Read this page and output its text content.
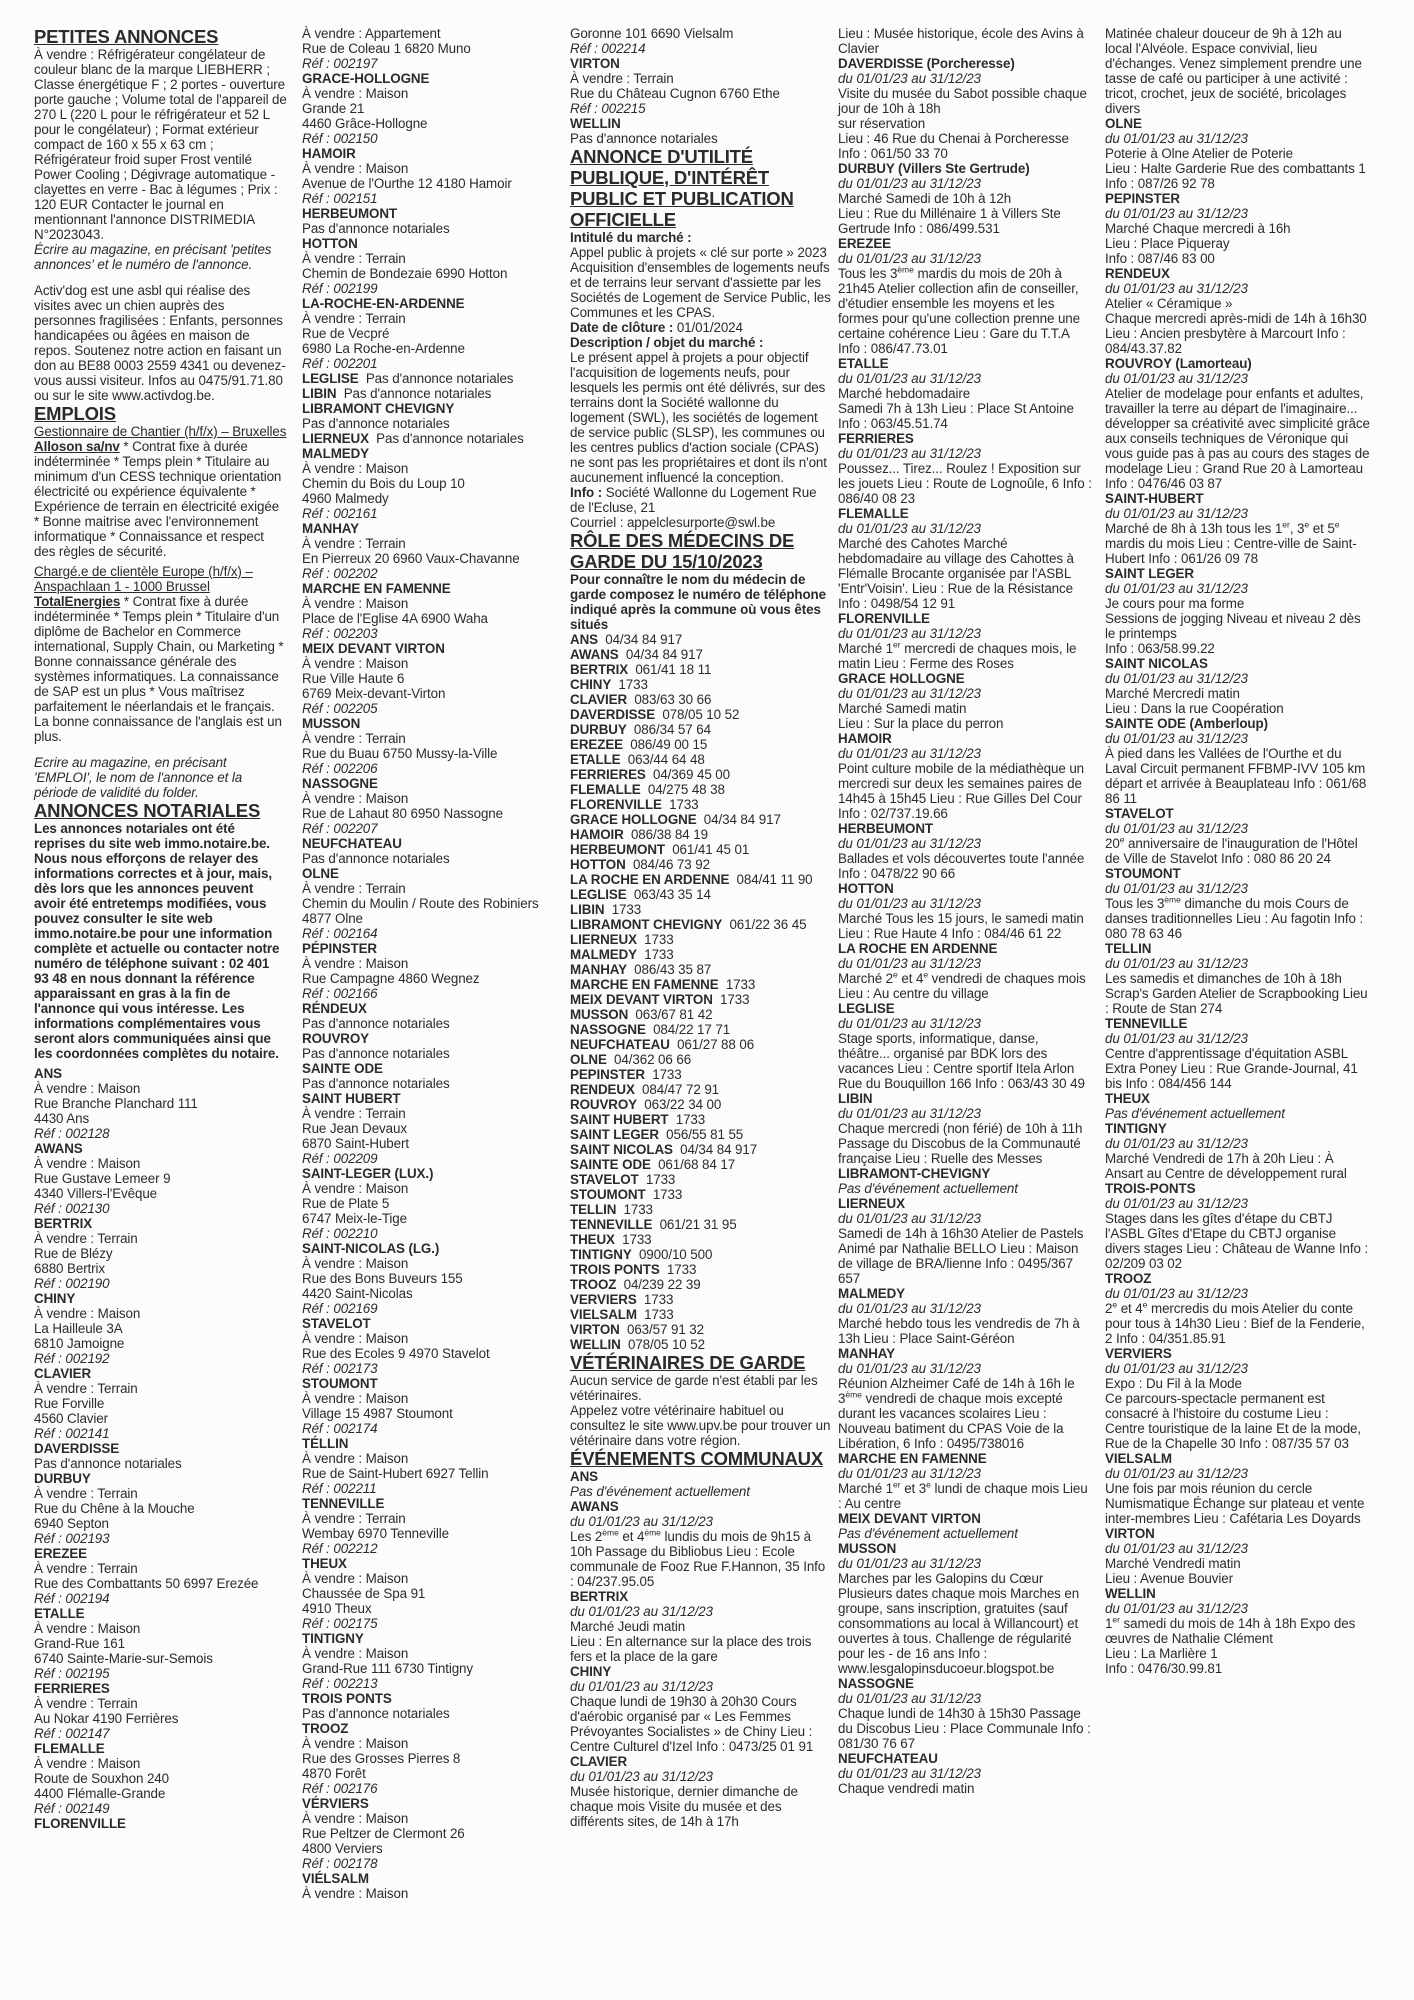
PETITES ANNONCES

À vendre : Réfrigérateur congélateur de couleur blanc de la marque LIEBHERR ; Classe énergétique F ; 2 portes - ouverture porte gauche ; Volume total de l'appareil de 270 L (220 L pour le réfrigérateur et 52 L pour le congélateur) ; Format extérieur compact de 160 x 55 x 63 cm ; Réfrigérateur froid super Frost ventilé Power Cooling ; Dégivrage automatique - clayettes en verre - Bac à légumes ; Prix : 120 EUR Contacter le journal en mentionnant l'annonce DISTRIMEDIA N°2023043.

Écrire au magazine, en précisant 'petites annonces' et le numéro de l'annonce.

Activ'dog est une asbl qui réalise des visites avec un chien auprès des personnes fragilisées : Enfants, personnes handicapées ou âgées en maison de repos. Soutenez notre action en faisant un don au BE88 0003 2559 4341 ou devenez-vous aussi visiteur. Infos au 0475/91.71.80 ou sur le site www.activdog.be.

EMPLOIS

Gestionnaire de Chantier (h/f/x) – Bruxelles

Alloson sa/nv * Contrat fixe à durée indéterminée * Temps plein * Titulaire au minimum d'un CESS technique orientation électricité ou expérience équivalente * Expérience de terrain en électricité exigée * Bonne maitrise avec l'environnement informatique * Connaissance et respect des règles de sécurité.

Chargé.e de clientèle Europe (h/f/x) – Anspachlaan 1 - 1000 Brussel

TotalEnergies * Contrat fixe à durée indéterminée * Temps plein * Titulaire d'un diplôme de Bachelor en Commerce international, Supply Chain, ou Marketing * Bonne connaissance générale des systèmes informatiques. La connaissance de SAP est un plus * Vous maîtrisez parfaitement le néerlandais et le français. La bonne connaissance de l'anglais est un plus.

Ecrire au magazine, en précisant 'EMPLOI', le nom de l'annonce et la période de validité du folder.

ANNONCES NOTARIALES

Les annonces notariales ont été reprises du site web immo.notaire.be. Nous nous efforçons de relayer des informations correctes et à jour, mais, dès lors que les annonces peuvent avoir été entretemps modifiées, vous pouvez consulter le site web immo.notaire.be pour une information complète et actuelle ou contacter notre numéro de téléphone suivant : 02 401 93 48 en nous donnant la référence apparaissant en gras à la fin de l'annonce qui vous intéresse. Les informations complémentaires vous seront alors communiquées ainsi que les coordonnées complètes du notaire.

ANS

À vendre : Maison

Rue Branche Planchard 111

4430 Ans

Réf : 002128

AWANS

À vendre : Maison

Rue Gustave Lemeer 9

4340 Villers-l'Evêque

Réf : 002130

BERTRIX

À vendre : Terrain

Rue de Blézy

6880 Bertrix

Réf : 002190

CHINY

À vendre : Maison

La Hailleule 3A

6810 Jamoigne

Réf : 002192

CLAVIER

À vendre : Terrain

Rue Forville

4560 Clavier

Réf : 002141

DAVERDISSE

Pas d'annonce notariales

DURBUY

À vendre : Terrain

Rue du Chêne à la Mouche

6940 Septon

Réf : 002193

EREZEE

À vendre : Terrain

Rue des Combattants 50 6997 Erezée

Réf : 002194

ETALLE

À vendre : Maison

Grand-Rue 161

6740 Sainte-Marie-sur-Semois

Réf : 002195

FERRIERES

À vendre : Terrain

Au Nokar 4190 Ferrières

Réf : 002147

FLEMALLE

À vendre : Maison

Route de Souxhon 240

4400 Flémalle-Grande

Réf : 002149

FLORENVILLE

À vendre : Appartement

Rue de Coleau 1 6820 Muno

Réf : 002197

GRACE-HOLLOGNE

À vendre : Maison

Grande 21

4460 Grâce-Hollogne

Réf : 002150

HAMOIR

À vendre : Maison

Avenue de l'Ourthe 12 4180 Hamoir

Réf : 002151

HERBEUMONT

Pas d'annonce notariales

HOTTON

À vendre : Terrain

Chemin de Bondezaie 6990 Hotton

Réf : 002199

LA-ROCHE-EN-ARDENNE

À vendre : Terrain

Rue de Vecpré

6980 La Roche-en-Ardenne

Réf : 002201

LEGLISE  Pas d'annonce notariales

LIBIN  Pas d'annonce notariales

LIBRAMONT CHEVIGNY

Pas d'annonce notariales

LIERNEUX  Pas d'annonce notariales

MALMEDY

À vendre : Maison

Chemin du Bois du Loup 10

4960 Malmedy

Réf : 002161

MANHAY

À vendre : Terrain

En Pierreux 20 6960 Vaux-Chavanne

Réf : 002202

MARCHE EN FAMENNE

À vendre : Maison

Place de l'Eglise 4A 6900 Waha

Réf : 002203

MEIX DEVANT VIRTON

À vendre : Maison

Rue Ville Haute 6

6769 Meix-devant-Virton

Réf : 002205

MUSSON

À vendre : Terrain

Rue du Buau 6750 Mussy-la-Ville

Réf : 002206

NASSOGNE

À vendre : Maison

Rue de Lahaut 80 6950 Nassogne

Réf : 002207

NEUFCHATEAU

Pas d'annonce notariales

OLNE

À vendre : Terrain

Chemin du Moulin / Route des Robiniers 4877 Olne

Réf : 002164

PÉPINSTER

À vendre : Maison

Rue Campagne 4860 Wegnez

Réf : 002166

RÉNDEUX

Pas d'annonce notariales

ROUVROY

Pas d'annonce notariales

SAINTE ODE

Pas d'annonce notariales

SAINT HUBERT

À vendre : Terrain

Rue Jean Devaux

6870 Saint-Hubert

Réf : 002209

SAINT-LEGER (LUX.)

À vendre : Maison

Rue de Plate 5

6747 Meix-le-Tige

Réf : 002210

SAINT-NICOLAS (LG.)

À vendre : Maison

Rue des Bons Buveurs 155

4420 Saint-Nicolas

Réf : 002169

STAVELOT

À vendre : Maison

Rue des Ecoles 9 4970 Stavelot

Réf : 002173

STOUMONT

À vendre : Maison

Village 15 4987 Stoumont

Réf : 002174

TÉLLIN

À vendre : Maison

Rue de Saint-Hubert 6927 Tellin

Réf : 002211

TENNEVILLE

À vendre : Terrain

Wembay 6970 Tenneville

Réf : 002212

THEUX

À vendre : Maison

Chaussée de Spa 91

4910 Theux

Réf : 002175

TINTIGNY

À vendre : Maison

Grand-Rue 111 6730 Tintigny

Réf : 002213

TROIS PONTS

Pas d'annonce notariales

TROOZ

À vendre : Maison

Rue des Grosses Pierres 8

4870 Forêt

Réf : 002176

VÉRVIERS

À vendre : Maison

Rue Peltzer de Clermont 26

4800 Verviers

Réf : 002178

VIÉLSALM

À vendre : Maison

Goronne 101 6690 Vielsalm

Réf : 002214

VIRTON

À vendre : Terrain

Rue du Château Cugnon 6760 Ethe

Réf : 002215

WELLIN

Pas d'annonce notariales

ANNONCE D'UTILITÉ PUBLIQUE, D'INTÉRÊT PUBLIC ET PUBLICATION OFFICIELLE

Intitulé du marché :

Appel public à projets « clé sur porte » 2023 Acquisition d'ensembles de logements neufs et de terrains leur servant d'assiette par les Sociétés de Logement de Service Public, les Communes et les CPAS.

Date de clôture : 01/01/2024

Description / objet du marché :

Le présent appel à projets a pour objectif l'acquisition de logements neufs, pour lesquels les permis ont été délivrés, sur des terrains dont la Société wallonne du logement (SWL), les sociétés de logement de service public (SLSP), les communes ou les centres publics d'action sociale (CPAS) ne sont pas les propriétaires et dont ils n'ont aucunement influencé la conception.

Info : Société Wallonne du Logement Rue de l'Ecluse, 21

Courriel : appelclesurporte@swl.be

RÔLE DES MÉDECINS DE GARDE DU 15/10/2023

Pour connaître le nom du médecin de garde composez le numéro de téléphone indiqué après la commune où vous êtes situés

ANS  04/34 84 917

AWANS  04/34 84 917

BERTRIX  061/41 18 11

CHINY  1733

CLAVIER  083/63 30 66

DAVERDISSE  078/05 10 52

DURBUY  086/34 57 64

EREZEE  086/49 00 15

ETALLE  063/44 64 48

FERRIERES  04/369 45 00

FLEMALLE  04/275 48 38

FLORENVILLE  1733

GRACE HOLLOGNE  04/34 84 917

HAMOIR  086/38 84 19

HERBEUMONT  061/41 45 01

HOTTON  084/46 73 92

LA ROCHE EN ARDENNE  084/41 11 90

LEGLISE  063/43 35 14

LIBIN  1733

LIBRAMONT CHEVIGNY  061/22 36 45

LIERNEUX  1733

MALMEDY  1733

MANHAY  086/43 35 87

MARCHE EN FAMENNE  1733

MEIX DEVANT VIRTON  1733

MUSSON  063/67 81 42

NASSOGNE  084/22 17 71

NEUFCHATEAU  061/27 88 06

OLNE  04/362 06 66

PEPINSTER  1733

RENDEUX  084/47 72 91

ROUVROY  063/22 34 00

SAINT HUBERT  1733

SAINT LEGER  056/55 81 55

SAINT NICOLAS  04/34 84 917

SAINTE ODE  061/68 84 17

STAVELOT  1733

STOUMONT  1733

TELLIN  1733

TENNEVILLE  061/21 31 95

THEUX  1733

TINTIGNY  0900/10 500

TROIS PONTS  1733

TROOZ  04/239 22 39

VERVIERS  1733

VIELSALM  1733

VIRTON  063/57 91 32

WELLIN  078/05 10 52

VÉTÉRINAIRES DE GARDE

Aucun service de garde n'est établi par les vétérinaires.

Appelez votre vétérinaire habituel ou consultez le site www.upv.be pour trouver un vétérinaire dans votre région.

ÉVÉNEMENTS COMMUNAUX

ANS

Pas d'événement actuellement

AWANS

du 01/01/23 au 31/12/23

Les 2ème et 4ème lundis du mois de 9h15 à 10h Passage du Bibliobus Lieu : Ecole communale de Fooz Rue F.Hannon, 35 Info : 04/237.95.05

BERTRIX

du 01/01/23 au 31/12/23

Marché Jeudi matin

Lieu : En alternance sur la place des trois fers et la place de la gare

CHINY

du 01/01/23 au 31/12/23

Chaque lundi de 19h30 à 20h30 Cours d'aérobic organisé par « Les Femmes Prévoyantes Socialistes » de Chiny Lieu : Centre Culturel d'Izel Info : 0473/25 01 91

CLAVIER

du 01/01/23 au 31/12/23

Musée historique, dernier dimanche de chaque mois Visite du musée et des différents sites, de 14h à 17h

Lieu : Musée historique, école des Avins à Clavier

DAVERDISSE (Porcheresse)

du 01/01/23 au 31/12/23

Visite du musée du Sabot possible chaque jour de 10h à 18h

sur réservation

Lieu : 46 Rue du Chenai à Porcheresse

Info : 061/50 33 70

DURBUY (Villers Ste Gertrude)

du 01/01/23 au 31/12/23

Marché Samedi de 10h à 12h

Lieu : Rue du Millénaire 1 à Villers Ste Gertrude Info : 086/499.531

EREZEE

du 01/01/23 au 31/12/23

Tous les 3ème mardis du mois de 20h à 21h45 Atelier collection afin de conseiller, d'étudier ensemble les moyens et les formes pour qu'une collection prenne une certaine cohérence Lieu : Gare du T.T.A Info : 086/47.73.01

ETALLE

du 01/01/23 au 31/12/23

Marché hebdomadaire

Samedi 7h à 13h Lieu : Place St Antoine Info : 063/45.51.74

FERRIERES

du 01/01/23 au 31/12/23

Poussez... Tirez... Roulez ! Exposition sur les jouets Lieu : Route de Lognoûle, 6 Info : 086/40 08 23

FLEMALLE

du 01/01/23 au 31/12/23

Marché des Cahotes Marché hebdomadaire au village des Cahottes à Flémalle Brocante organisée par l'ASBL 'Entr'Voisin'. Lieu : Rue de la Résistance Info : 0498/54 12 91

FLORENVILLE

du 01/01/23 au 31/12/23

Marché 1er mercredi de chaques mois, le matin Lieu : Ferme des Roses

GRACE HOLLOGNE

du 01/01/23 au 31/12/23

Marché Samedi matin

Lieu : Sur la place du perron

HAMOIR

du 01/01/23 au 31/12/23

Point culture mobile de la médiathèque un mercredi sur deux les semaines paires de 14h45 à 15h45 Lieu : Rue Gilles Del Cour Info : 02/737.19.66

HERBEUMONT

du 01/01/23 au 31/12/23

Ballades et vols découvertes toute l'année Info : 0478/22 90 66

HOTTON

du 01/01/23 au 31/12/23

Marché Tous les 15 jours, le samedi matin Lieu : Rue Haute 4 Info : 084/46 61 22

LA ROCHE EN ARDENNE

du 01/01/23 au 31/12/23

Marché 2e et 4e vendredi de chaques mois Lieu : Au centre du village

LEGLISE

du 01/01/23 au 31/12/23

Stage sports, informatique, danse, théâtre... organisé par BDK lors des vacances Lieu : Centre sportif Itela Arlon Rue du Bouquillon 166 Info : 063/43 30 49

LIBIN

du 01/01/23 au 31/12/23

Chaque mercredi (non férié) de 10h à 11h Passage du Discobus de la Communauté française Lieu : Ruelle des Messes

LIBRAMONT-CHEVIGNY

Pas d'événement actuellement

LIERNEUX

du 01/01/23 au 31/12/23

Samedi de 14h à 16h30 Atelier de Pastels Animé par Nathalie BELLO Lieu : Maison de village de BRA/lienne Info : 0495/367 657

MALMEDY

du 01/01/23 au 31/12/23

Marché hebdo tous les vendredis de 7h à 13h Lieu : Place Saint-Géréon

MANHAY

du 01/01/23 au 31/12/23

Réunion Alzheimer Café de 14h à 16h le 3ème vendredi de chaque mois excepté durant les vacances scolaires Lieu : Nouveau batiment du CPAS Voie de la Libération, 6 Info : 0495/738016

MARCHE EN FAMENNE

du 01/01/23 au 31/12/23

Marché 1er et 3e lundi de chaque mois Lieu : Au centre

MEIX DEVANT VIRTON

Pas d'événement actuellement

MUSSON

du 01/01/23 au 31/12/23

Marches par les Galopins du Cœur Plusieurs dates chaque mois Marches en groupe, sans inscription, gratuites (sauf consommations au local à Willancourt) et ouvertes à tous. Challenge de régularité pour les - de 16 ans Info : www.lesgalopinsducoeur.blogspot.be

NASSOGNE

du 01/01/23 au 31/12/23

Chaque lundi de 14h30 à 15h30 Passage du Discobus Lieu : Place Communale Info : 081/30 76 67

NEUFCHATEAU

du 01/01/23 au 31/12/23

Chaque vendredi matin

Matinée chaleur douceur de 9h à 12h au local l'Alvéole. Espace convivial, lieu d'échanges. Venez simplement prendre une tasse de café ou participer à une activité : tricot, crochet, jeux de société, bricolages divers

OLNE

du 01/01/23 au 31/12/23

Poterie à Olne Atelier de Poterie

Lieu : Halte Garderie Rue des combattants 1 Info : 087/26 92 78

PEPINSTER

du 01/01/23 au 31/12/23

Marché Chaque mercredi à 16h

Lieu : Place Piqueray

Info : 087/46 83 00

RENDEUX

du 01/01/23 au 31/12/23

Atelier « Céramique »

Chaque mercredi après-midi de 14h à 16h30 Lieu : Ancien presbytère à Marcourt Info : 084/43.37.82

ROUVROY (Lamorteau)

du 01/01/23 au 31/12/23

Atelier de modelage pour enfants et adultes, travailler la terre au départ de l'imaginaire... développer sa créativité avec simplicité grâce aux conseils techniques de Véronique qui vous guide pas à pas au cours des stages de modelage Lieu : Grand Rue 20 à Lamorteau Info : 0476/46 03 87

SAINT-HUBERT

du 01/01/23 au 31/12/23

Marché de 8h à 13h tous les 1er, 3e et 5e mardis du mois Lieu : Centre-ville de Saint-Hubert Info : 061/26 09 78

SAINT LEGER

du 01/01/23 au 31/12/23

Je cours pour ma forme

Sessions de jogging Niveau et niveau 2 dès le printemps

Info : 063/58.99.22

SAINT NICOLAS

du 01/01/23 au 31/12/23

Marché Mercredi matin

Lieu : Dans la rue Coopération

SAINTE ODE (Amberloup)

du 01/01/23 au 31/12/23

À pied dans les Vallées de l'Ourthe et du Laval Circuit permanent FFBMP-IVV 105 km départ et arrivée à Beauplateau Info : 061/68 86 11

STAVELOT

du 01/01/23 au 31/12/23

20e anniversaire de l'inauguration de l'Hôtel de Ville de Stavelot Info : 080 86 20 24

STOUMONT

du 01/01/23 au 31/12/23

Tous les 3ème dimanche du mois Cours de danses traditionnelles Lieu : Au fagotin Info : 080 78 63 46

TELLIN

du 01/01/23 au 31/12/23

Les samedis et dimanches de 10h à 18h Scrap's Garden Atelier de Scrapbooking Lieu : Route de Stan 274

TENNEVILLE

du 01/01/23 au 31/12/23

Centre d'apprentissage d'équitation ASBL Extra Poney Lieu : Rue Grande-Journal, 41 bis Info : 084/456 144

THEUX

Pas d'événement actuellement

TINTIGNY

du 01/01/23 au 31/12/23

Marché Vendredi de 17h à 20h Lieu : À Ansart au Centre de développement rural

TROIS-PONTS

du 01/01/23 au 31/12/23

Stages dans les gîtes d'étape du CBTJ l'ASBL Gîtes d'Etape du CBTJ organise divers stages Lieu : Château de Wanne Info : 02/209 03 02

TROOZ

du 01/01/23 au 31/12/23

2e et 4e mercredis du mois Atelier du conte pour tous à 14h30 Lieu : Bief de la Fenderie, 2 Info : 04/351.85.91

VERVIERS

du 01/01/23 au 31/12/23

Expo : Du Fil à la Mode

Ce parcours-spectacle permanent est consacré à l'histoire du costume Lieu : Centre touristique de la laine Et de la mode, Rue de la Chapelle 30 Info : 087/35 57 03

VIELSALM

du 01/01/23 au 31/12/23

Une fois par mois réunion du cercle Numismatique Échange sur plateau et vente inter-membres Lieu : Cafétaria Les Doyards

VIRTON

du 01/01/23 au 31/12/23

Marché Vendredi matin

Lieu : Avenue Bouvier

WELLIN

du 01/01/23 au 31/12/23

1er samedi du mois de 14h à 18h Expo des œuvres de Nathalie Clément

Lieu : La Marlière 1

Info : 0476/30.99.81
